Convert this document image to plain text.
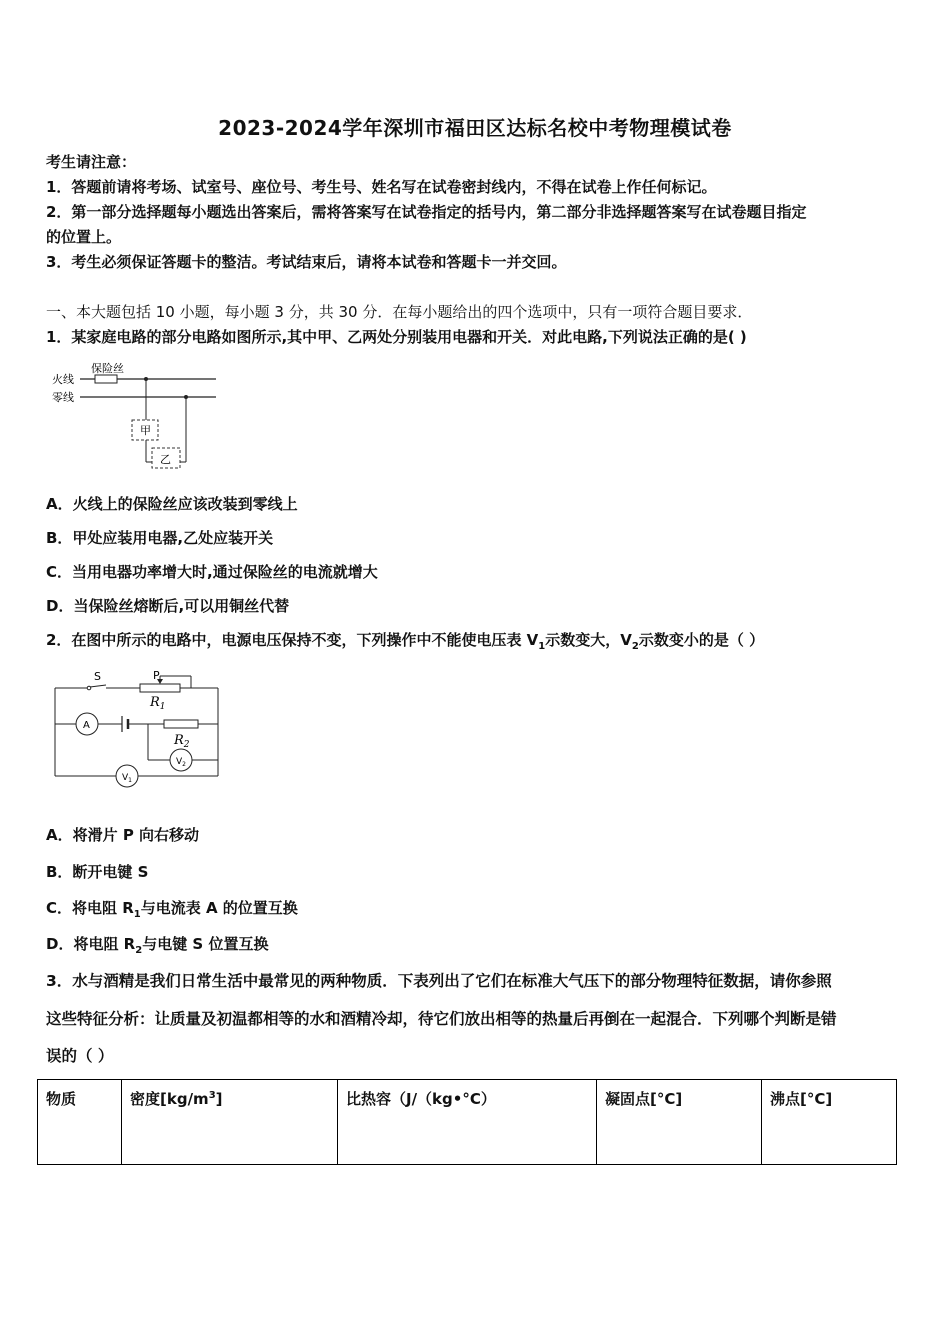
2023-2024学年深圳市福田区达标名校中考物理模试卷
考生请注意：
1．答题前请将考场、试室号、座位号、考生号、姓名写在试卷密封线内，不得在试卷上作任何标记。
2．第一部分选择题每小题选出答案后，需将答案写在试卷指定的括号内，第二部分非选择题答案写在试卷题目指定
的位置上。
3．考生必须保证答题卡的整洁。考试结束后，请将本试卷和答题卡一并交回。
一、本大题包括 10 小题，每小题 3 分，共 30 分．在每小题给出的四个选项中，只有一项符合题目要求．
1．某家庭电路的部分电路如图所示,其中甲、乙两处分别装用电器和开关．对此电路,下列说法正确的是( )
火线
零线
保险丝
甲
乙
A．火线上的保险丝应该改装到零线上
B．甲处应装用电器,乙处应装开关
C．当用电器功率增大时,通过保险丝的电流就增大
D．当保险丝熔断后,可以用铜丝代替
2．在图中所示的电路中，电源电压保持不变，下列操作中不能使电压表 $V_1$示数变大，$V_2$示数变小的是（ ）
S	P
$R_1$
$R_2$
A
$V_2$
$V_1$
A．将滑片 P 向右移动
B．断开电键 S
C．将电阻 $R_1$与电流表 A 的位置互换
D．将电阻 $R_2$与电键 S 位置互换
3．水与酒精是我们日常生活中最常见的两种物质．下表列出了它们在标准大气压下的部分物理特征数据，请你参照
这些特征分析：让质量及初温都相等的水和酒精冷却，待它们放出相等的热量后再倒在一起混合．下列哪个判断是错
误的（ ）
物质	密度$[kg/m^3]$	比热容（J/（kg•°C）	凝固点[°C]	沸点[°C]
